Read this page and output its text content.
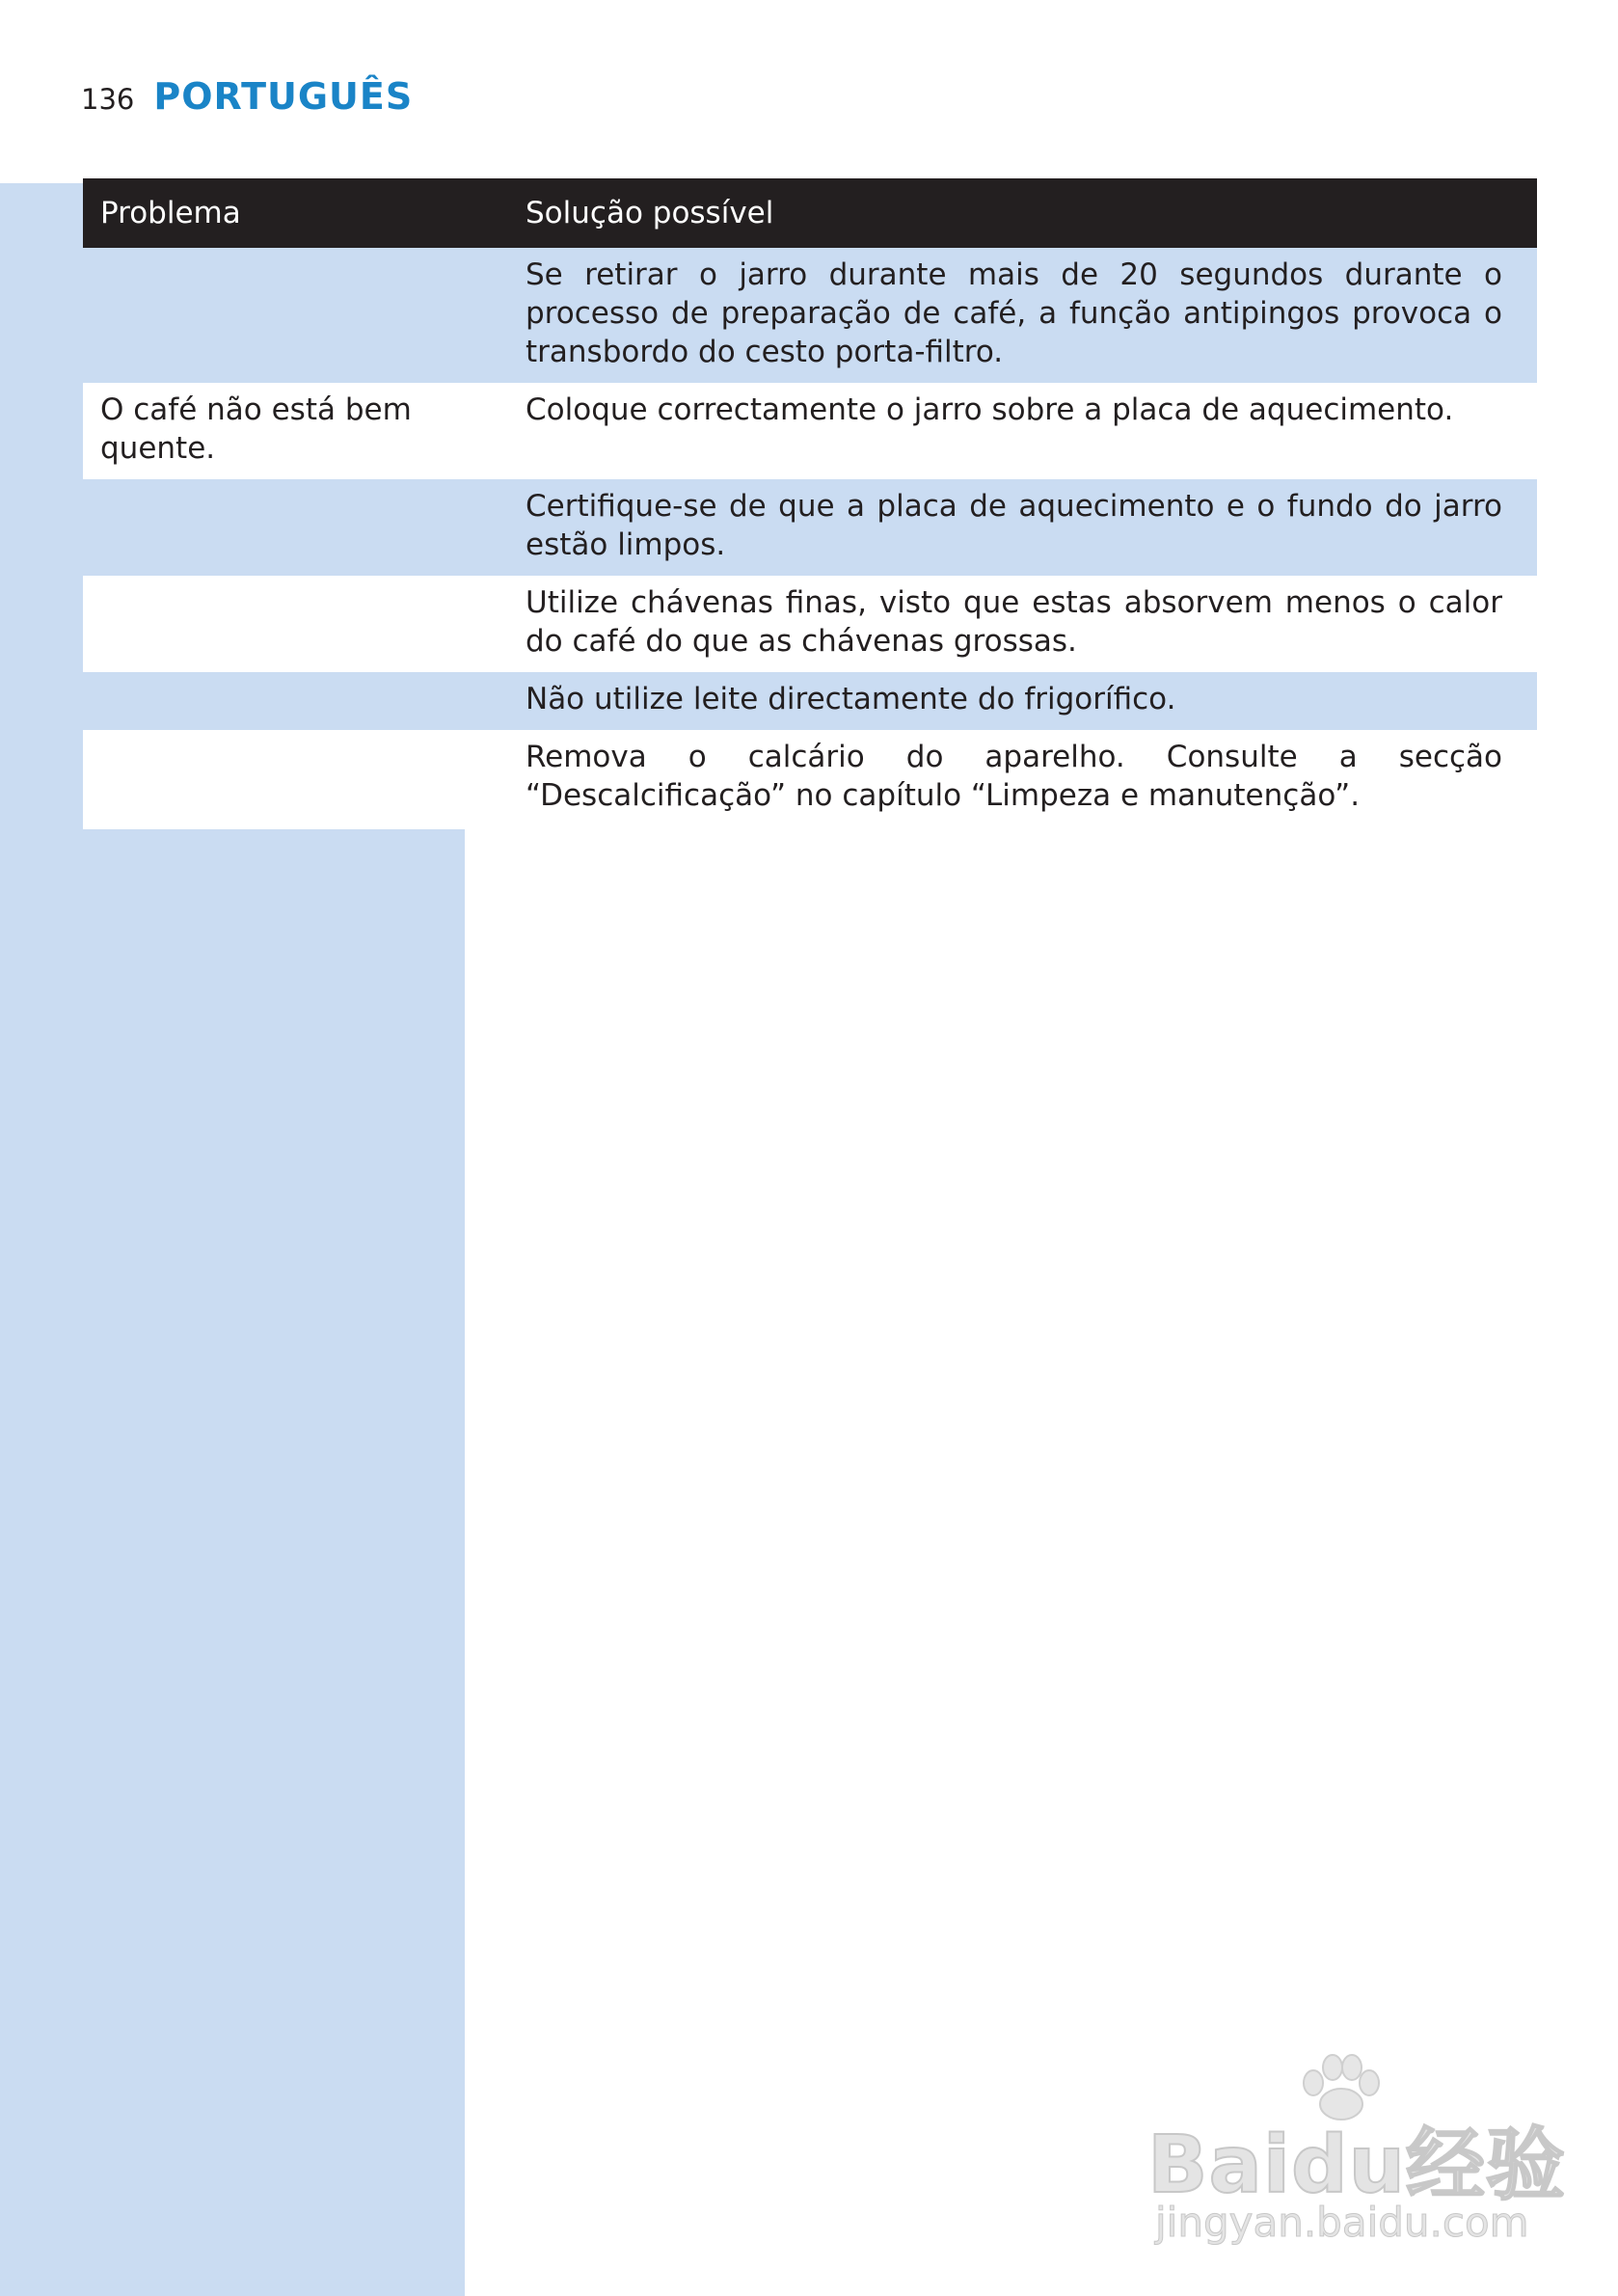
136 PORTUGUÊS
Problema	Solução possível
	Se retirar o jarro durante mais de 20 segundos durante o processo de preparação de café, a função antipingos provoca o transbordo do cesto porta-filtro.
O café não está bem quente.	Coloque correctamente o jarro sobre a placa de aquecimento.
	Certifique-se de que a placa de aquecimento e o fundo do jarro estão limpos.
	Utilize chávenas finas, visto que estas absorvem menos o calor do café do que as chávenas grossas.
	Não utilize leite directamente do frigorífico.
	Remova o calcário do aparelho. Consulte a secção “Descalcificação” no capítulo “Limpeza e manutenção”.
Baidu经验
jingyan.baidu.com
